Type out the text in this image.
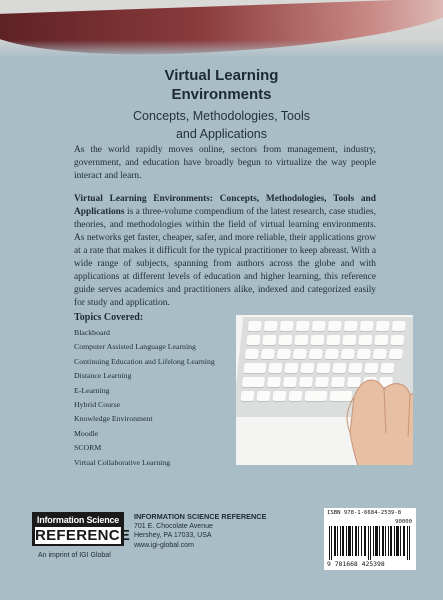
Virtual Learning
Environments

Concepts, Methodologies, Tools
and Applications

As the world rapidly moves online, sectors from management, industry, government, and education have broadly begun to virtualize the way people interact and learn.

Virtual Learning Environments: Concepts, Methodologies, Tools and Applications is a three-volume compendium of the latest research, case studies, theories, and methodologies within the field of virtual learning environments. As networks get faster, cheaper, safer, and more reliable, their applications grow at a rate that makes it difficult for the typical practitioner to keep abreast. With a wide range of subjects, spanning from authors across the globe and with applications at different levels of education and higher learning, this reference guide serves academics and practitioners alike, indexed and categorized easily for study and application.

Topics Covered:

Blackboard

Computer Assisted Language Learning

Continuing Education and Lifelong Learning

Distance Learning

E-Learning

Hybrid Course

Knowledge Environment

Moodle

SCORM

Virtual Collaborative Learning

Information Science
REFERENCE
An imprint of IGI Global
INFORMATION SCIENCE REFERENCE
701 E. Chocolate Avenue
Hershey, PA 17033, USA
www.igi-global.com
ISBN 978-1-6684-2539-8
90000
9 781668 425398
